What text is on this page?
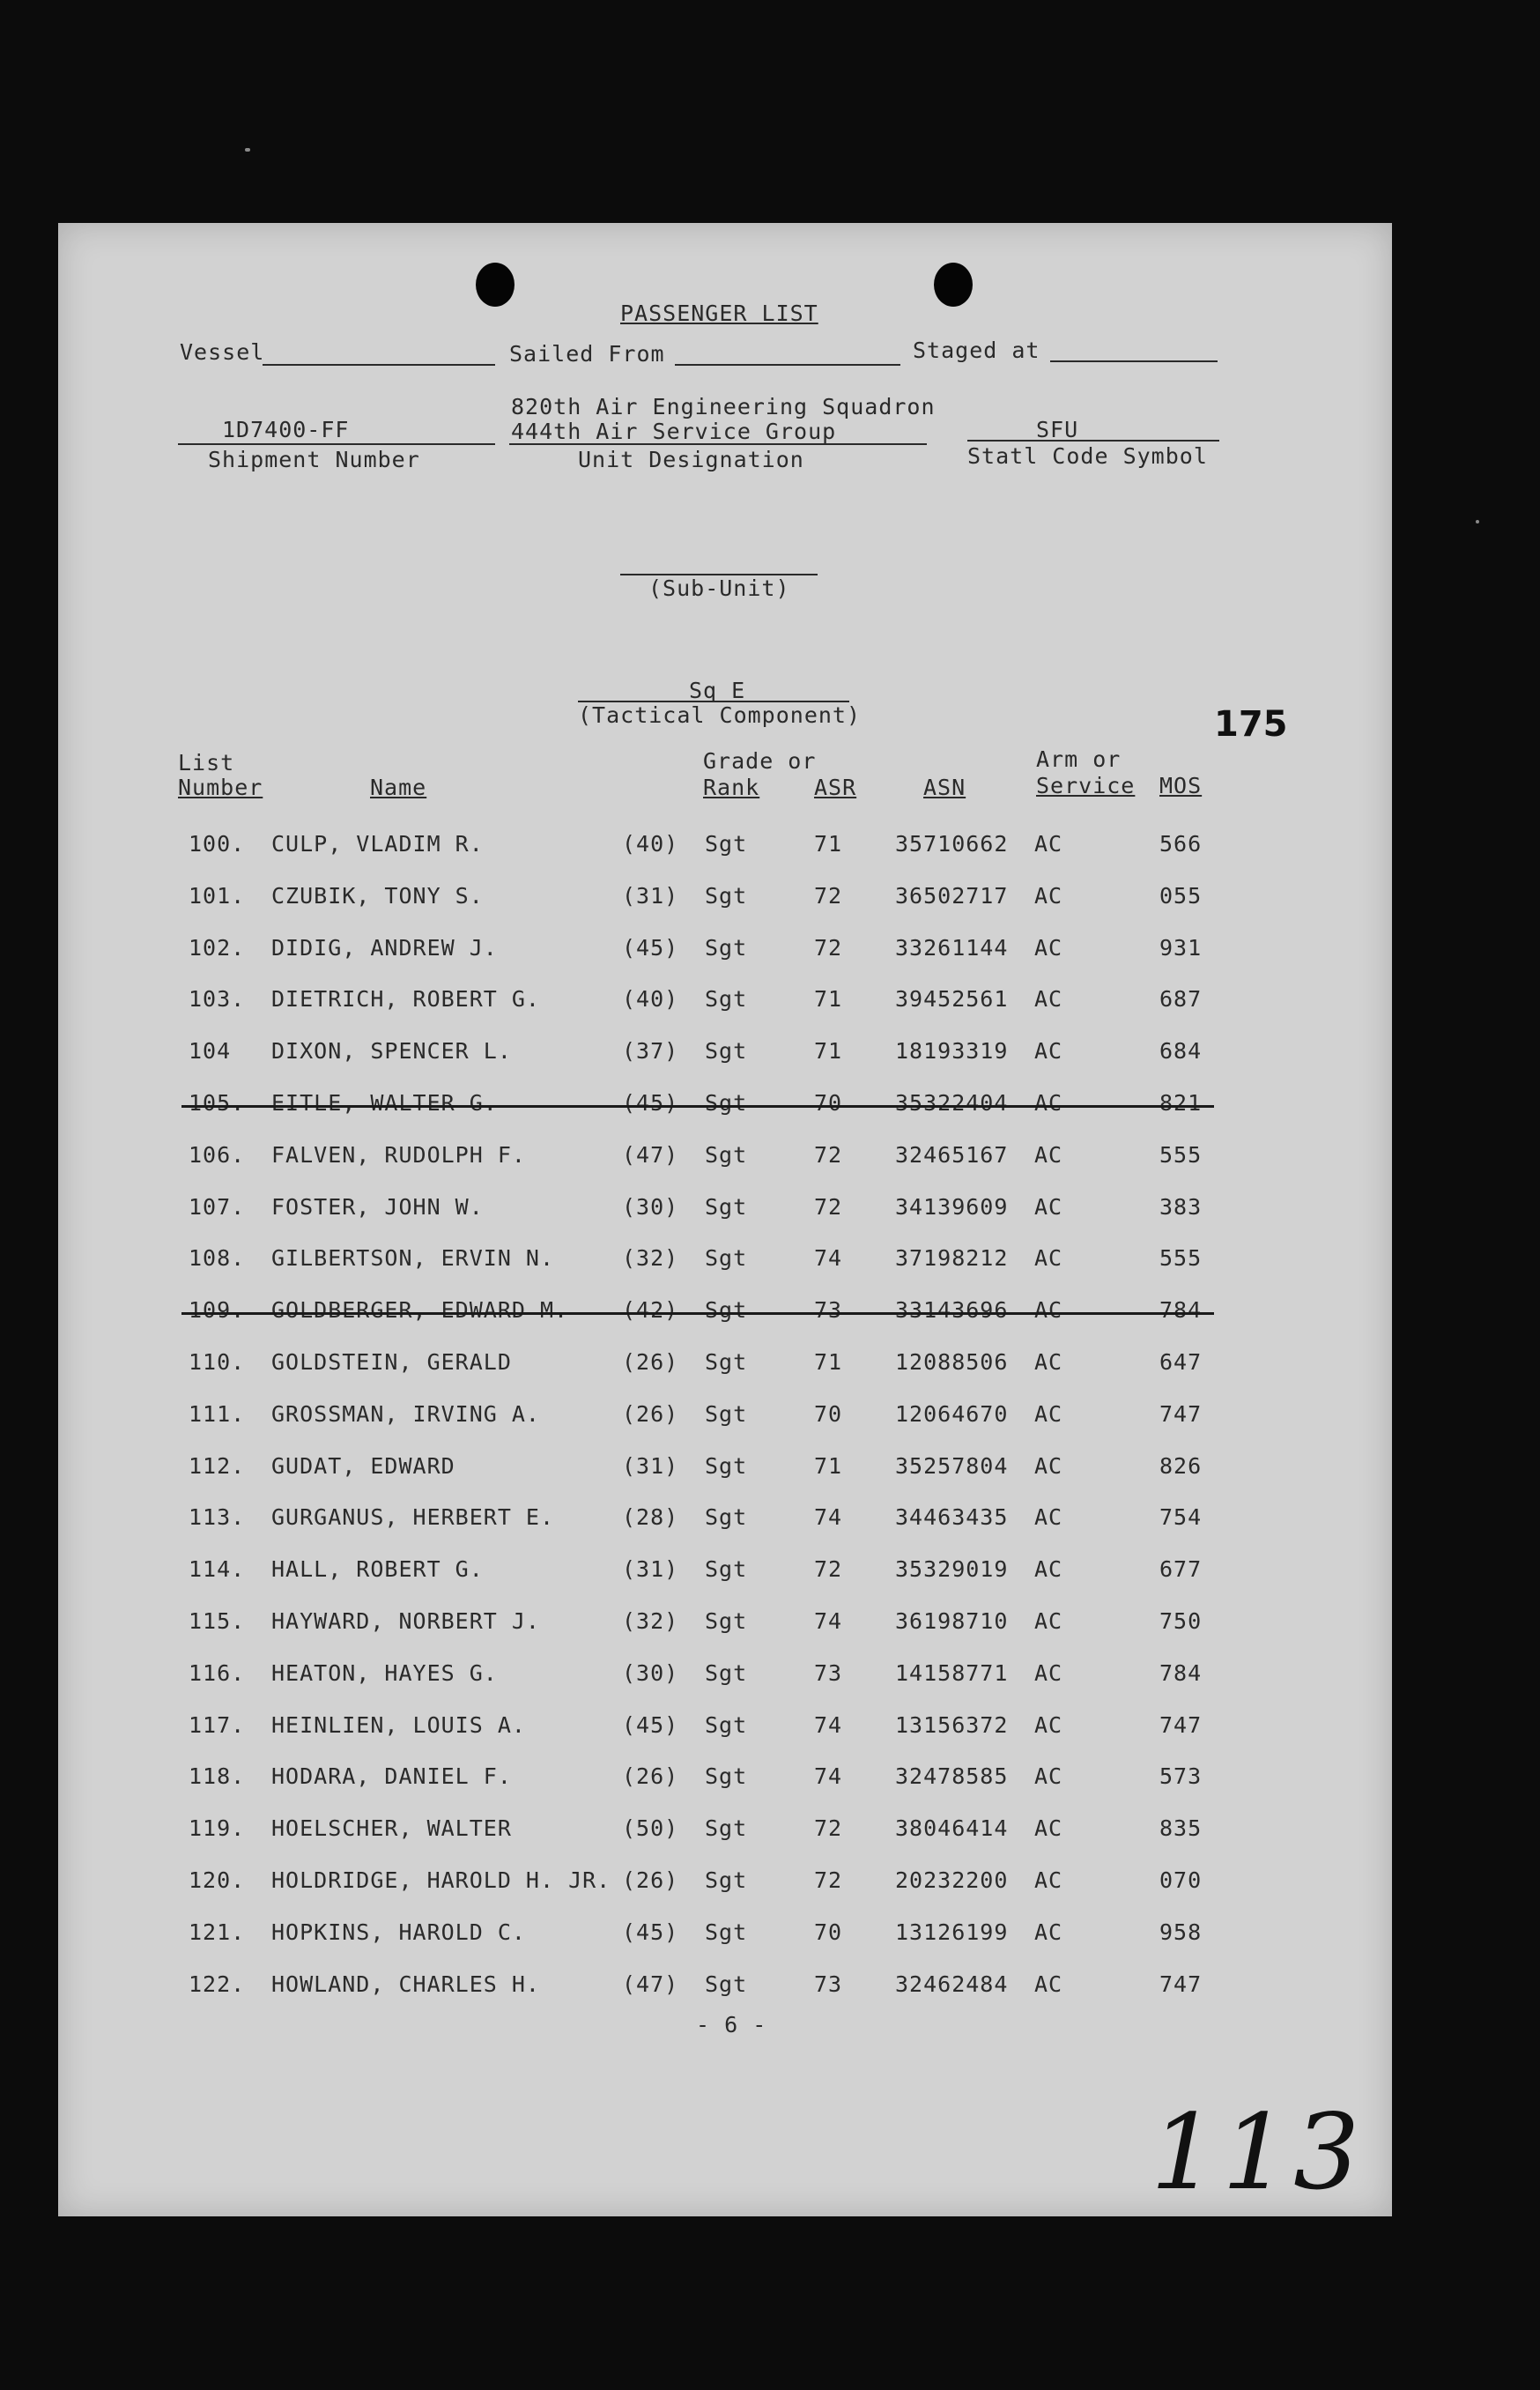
PASSENGER LIST
Vessel	Sailed From	Staged at
1D7400-FF
Shipment Number
820th Air Engineering Squadron
444th Air Service Group
Unit Designation
SFU
Statl Code Symbol
(Sub-Unit)
Sq E
(Tactical Component)	175
List
Number	Name
Grade or
Rank ASR	ASN
Arm or
Service MOS
100. CULP, VLADIM R.	(40) Sgt	71 35710662 AC	566
101. CZUBIK, TONY S.	(31) Sgt	72 36502717 AC	055
102. DIDIG, ANDREW J.	(45) Sgt	72 33261144 AC	931
103. DIETRICH, ROBERT G.	(40) Sgt	71 39452561 AC	687
104 DIXON, SPENCER L.	(37) Sgt	71 18193319 AC	684
105. EITLE, WALTER G.	(45) Sgt	70 35322404 AC	821
106. FALVEN, RUDOLPH F.	(47) Sgt	72 32465167 AC	555
107. FOSTER, JOHN W.	(30) Sgt	72 34139609 AC	383
108. GILBERTSON, ERVIN N.	(32) Sgt	74 37198212 AC	555
109. GOLDBERGER, EDWARD M. (42) Sgt	73 33143696 AC	784
110. GOLDSTEIN, GERALD	(26) Sgt	71 12088506 AC	647
111. GROSSMAN, IRVING A.	(26) Sgt	70 12064670 AC	747
112. GUDAT, EDWARD	(31) Sgt	71 35257804 AC	826
113. GURGANUS, HERBERT E.	(28) Sgt	74 34463435 AC	754
114. HALL, ROBERT G.	(31) Sgt	72 35329019 AC	677
115. HAYWARD, NORBERT J.	(32) Sgt	74 36198710 AC	750
116. HEATON, HAYES G.	(30) Sgt	73 14158771 AC	784
117. HEINLIEN, LOUIS A.	(45) Sgt	74 13156372 AC	747
118. HODARA, DANIEL F.	(26) Sgt	74 32478585 AC	573
119. HOELSCHER, WALTER	(50) Sgt	72 38046414 AC	835
120. HOLDRIDGE, HAROLD H. JR. (26) Sgt	72 20232200 AC	070
121. HOPKINS, HAROLD C.	(45) Sgt	70 13126199 AC	958
122. HOWLAND, CHARLES H.	(47) Sgt	73 32462484 AC	747
- 6 -
113
